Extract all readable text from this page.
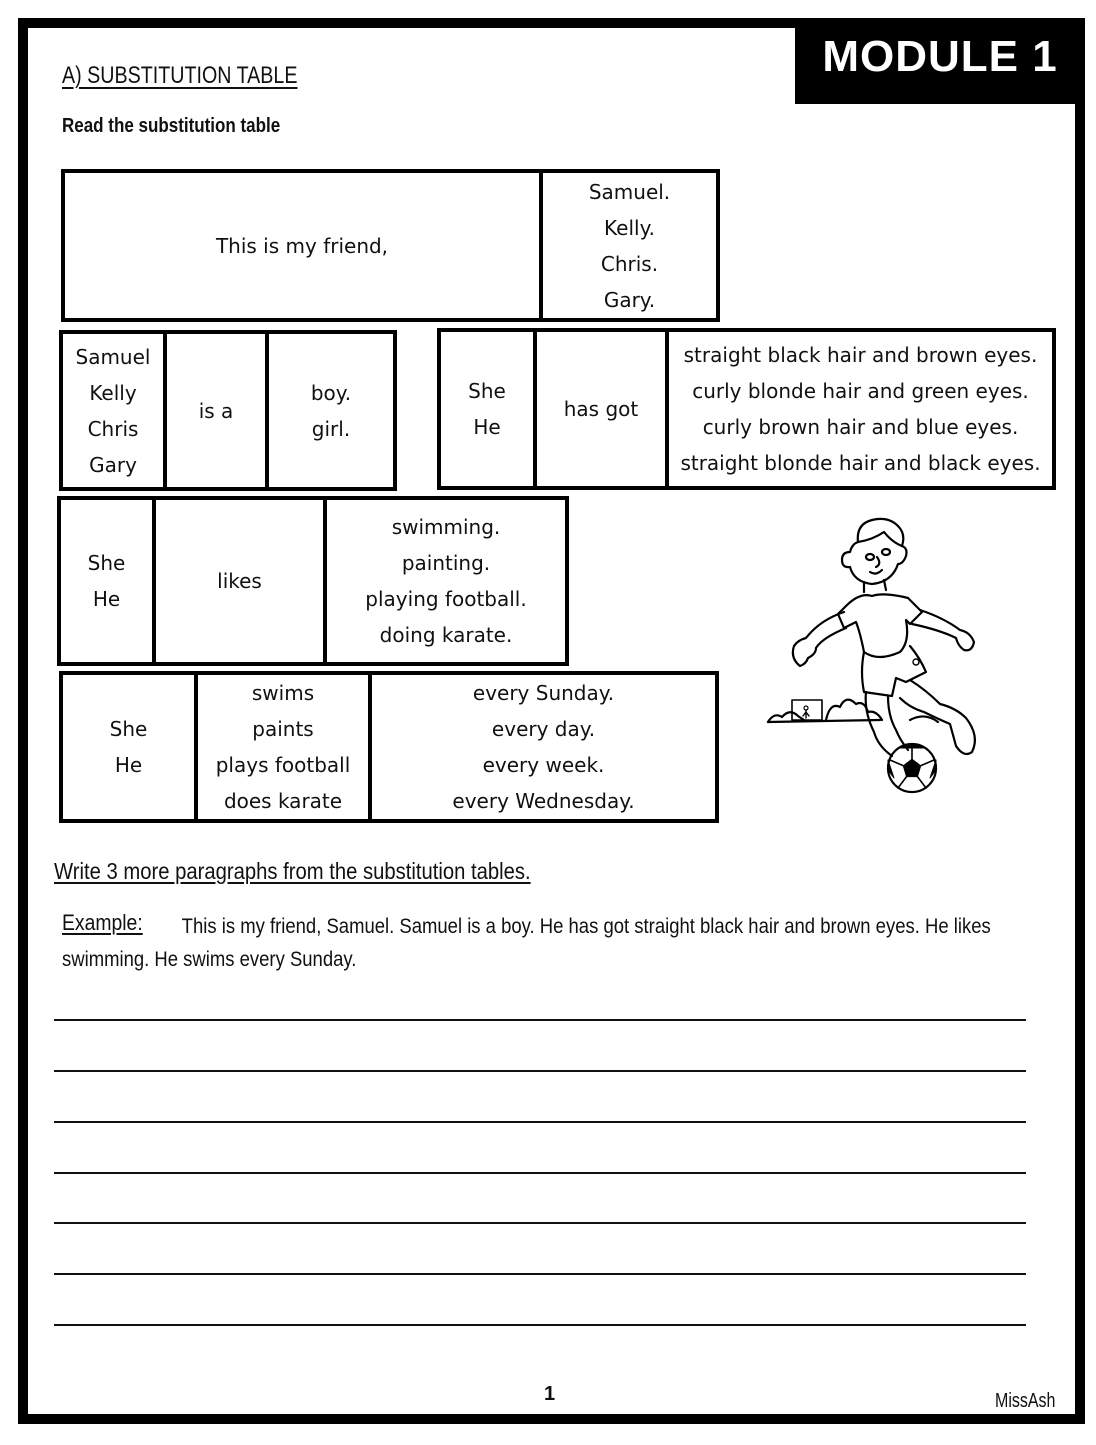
MODULE 1
A) SUBSTITUTION TABLE
Read the substitution table
This is my friend,
Samuel.
Kelly.
Chris.
Gary.
Samuel
Kelly
Chris
Gary
is a
boy.
girl.
She
He
has got
straight black hair and brown eyes.
curly blonde hair and green eyes.
curly brown hair and blue eyes.
straight blonde hair and black eyes.
She
He
likes
swimming.
painting.
playing football.
doing karate.
She
He
swims
paints
plays football
does karate
every Sunday.
every day.
every week.
every Wednesday.
Write 3 more paragraphs from the substitution tables.
Example:	This is my friend, Samuel. Samuel is a boy. He has got straight black hair and brown eyes. He likes swimming. He swims every Sunday.
1	MissAsh
